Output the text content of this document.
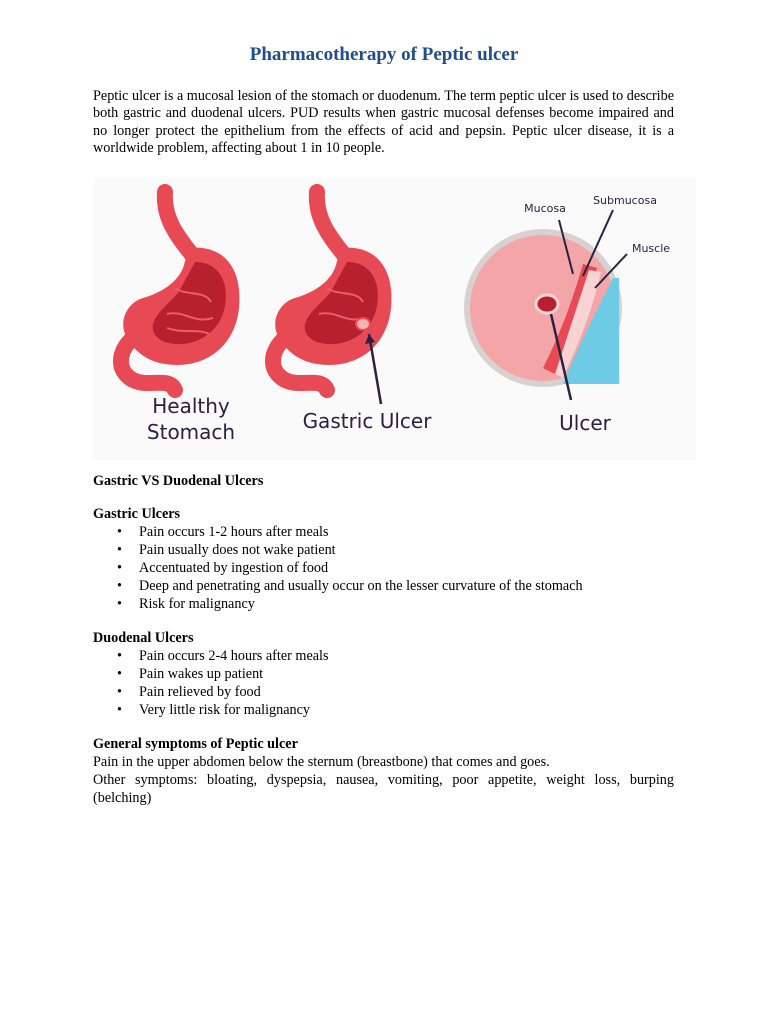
Pharmacotherapy of Peptic ulcer

Peptic ulcer is a mucosal lesion of the stomach or duodenum. The term peptic ulcer is used to describe both gastric and duodenal ulcers. PUD results when gastric mucosal defenses become impaired and no longer protect the epithelium from the effects of acid and pepsin. Peptic ulcer disease, it is a worldwide problem, affecting about 1 in 10 people.

Healthy
Stomach	Gastric Ulcer	Ulcer
Mucosa
Submucosa
Muscle
Gastric VS Duodenal Ulcers
Gastric Ulcers
• Pain occurs 1-2 hours after meals
• Pain usually does not wake patient
• Accentuated by ingestion of food
• Deep and penetrating and usually occur on the lesser curvature of the stomach
• Risk for malignancy
Duodenal Ulcers
• Pain occurs 2-4 hours after meals
• Pain wakes up patient
• Pain relieved by food
• Very little risk for malignancy
General symptoms of Peptic ulcer
Pain in the upper abdomen below the sternum (breastbone) that comes and goes.
Other symptoms: bloating, dyspepsia, nausea, vomiting, poor appetite, weight loss, burping (belching)
